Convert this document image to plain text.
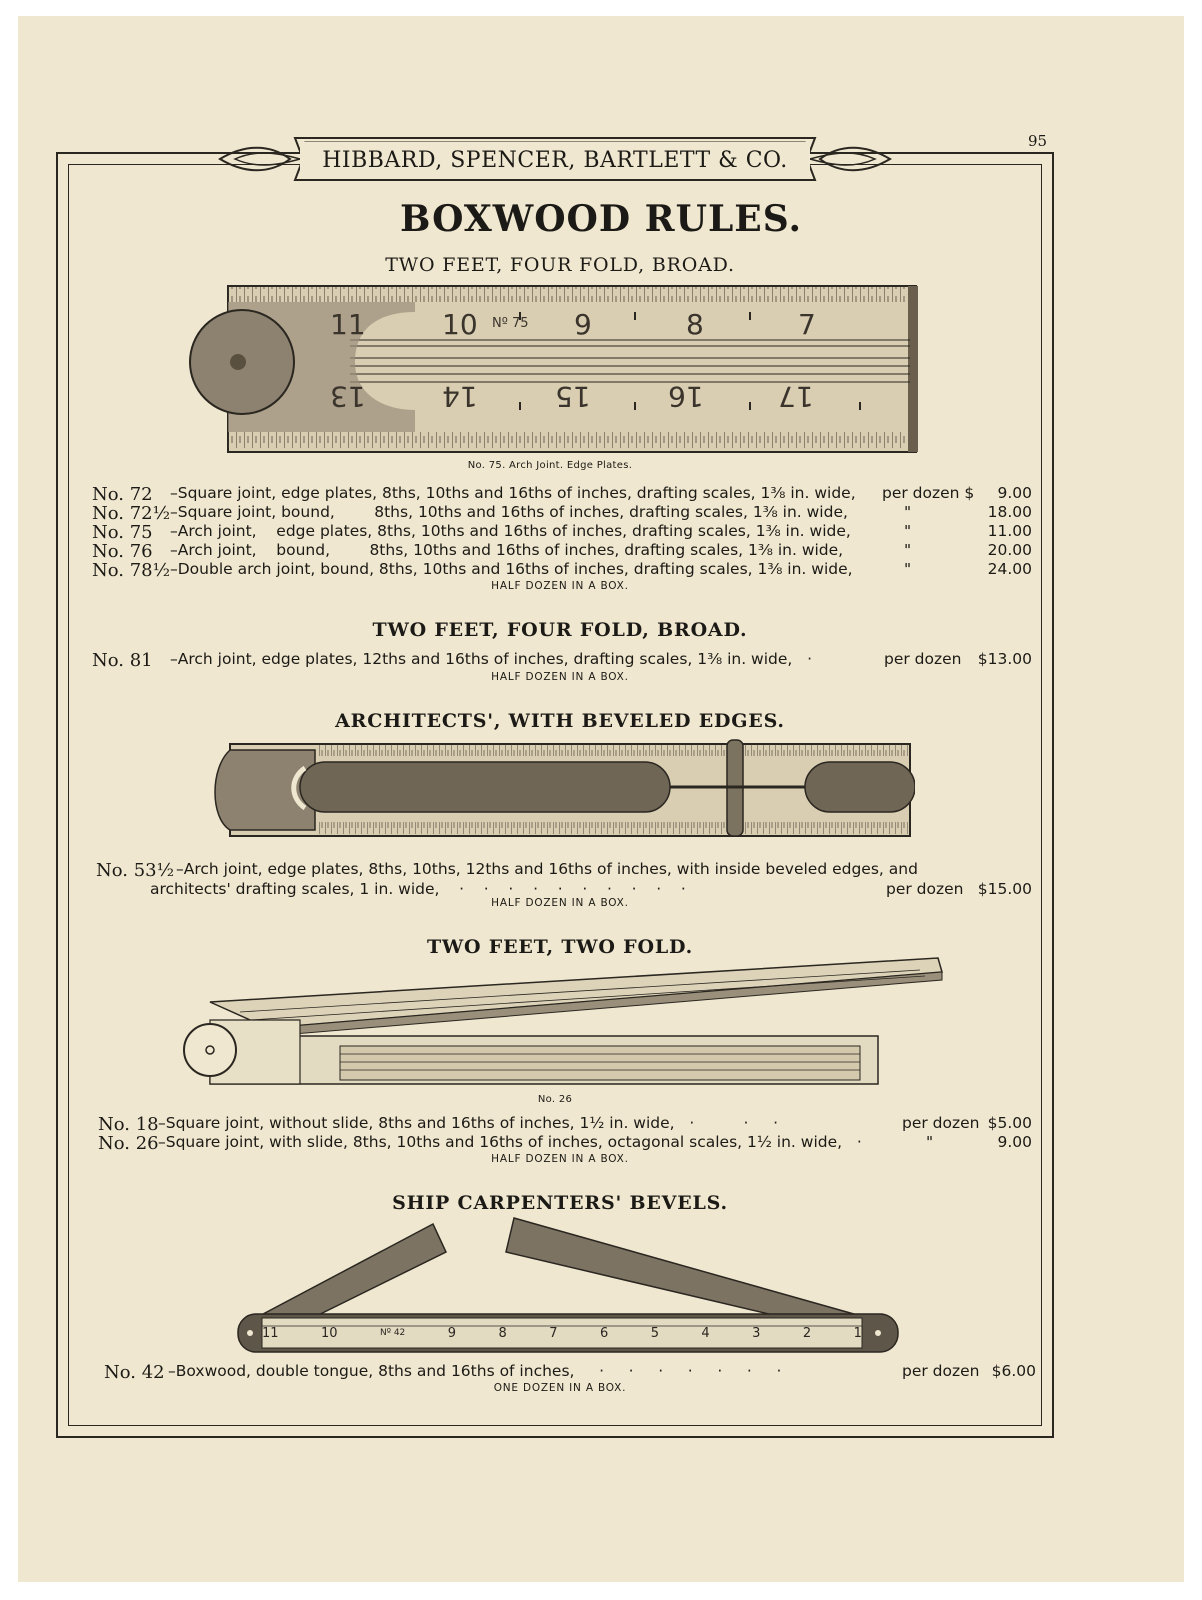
95
HIBBARD, SPENCER, BARTLETT & CO.
BOXWOOD RULES.
TWO FEET, FOUR FOLD, BROAD.
11	10 Nº 75 9	8	7
13	14	15	16	17
No. 75. Arch Joint. Edge Plates.
No. 72 –Square joint, edge plates, 8ths, 10ths and 16ths of inches, drafting scales, 1⅜ in. wide, per dozen $ 9.00
No. 72½ –Square joint, bound,        8ths, 10ths and 16ths of inches, drafting scales, 1⅜ in. wide,	"	18.00
No. 75 –Arch joint,    edge plates, 8ths, 10ths and 16ths of inches, drafting scales, 1⅜ in. wide,	"	11.00
No. 76 –Arch joint,    bound,        8ths, 10ths and 16ths of inches, drafting scales, 1⅜ in. wide,	"	20.00
No. 78½ –Double arch joint, bound, 8ths, 10ths and 16ths of inches, drafting scales, 1⅜ in. wide,	"	24.00
HALF DOZEN IN A BOX.
TWO FEET, FOUR FOLD, BROAD.
No. 81 –Arch joint, edge plates, 12ths and 16ths of inches, drafting scales, 1⅜ in. wide,   ·	per dozen $13.00
HALF DOZEN IN A BOX.
ARCHITECTS', WITH BEVELED EDGES.
No. 53½ –Arch joint, edge plates, 8ths, 10ths, 12ths and 16ths of inches, with inside beveled edges, and
architects' drafting scales, 1 in. wide,    ·    ·    ·    ·    ·    ·    ·    ·    ·    ·	per dozen $15.00
HALF DOZEN IN A BOX.
TWO FEET, TWO FOLD.
No. 26
No. 18 –Square joint, without slide, 8ths and 16ths of inches, 1½ in. wide,   ·          ·     ·	per dozen $5.00
No. 26 –Square joint, with slide, 8ths, 10ths and 16ths of inches, octagonal scales, 1½ in. wide,   ·	"	9.00
HALF DOZEN IN A BOX.
SHIP CARPENTERS' BEVELS.
11	10	Nº 42	9	8	7	6	5	4	3	2	1
No. 42 –Boxwood, double tongue, 8ths and 16ths of inches,     ·     ·     ·     ·     ·     ·     ·	per dozen $6.00
ONE DOZEN IN A BOX.
